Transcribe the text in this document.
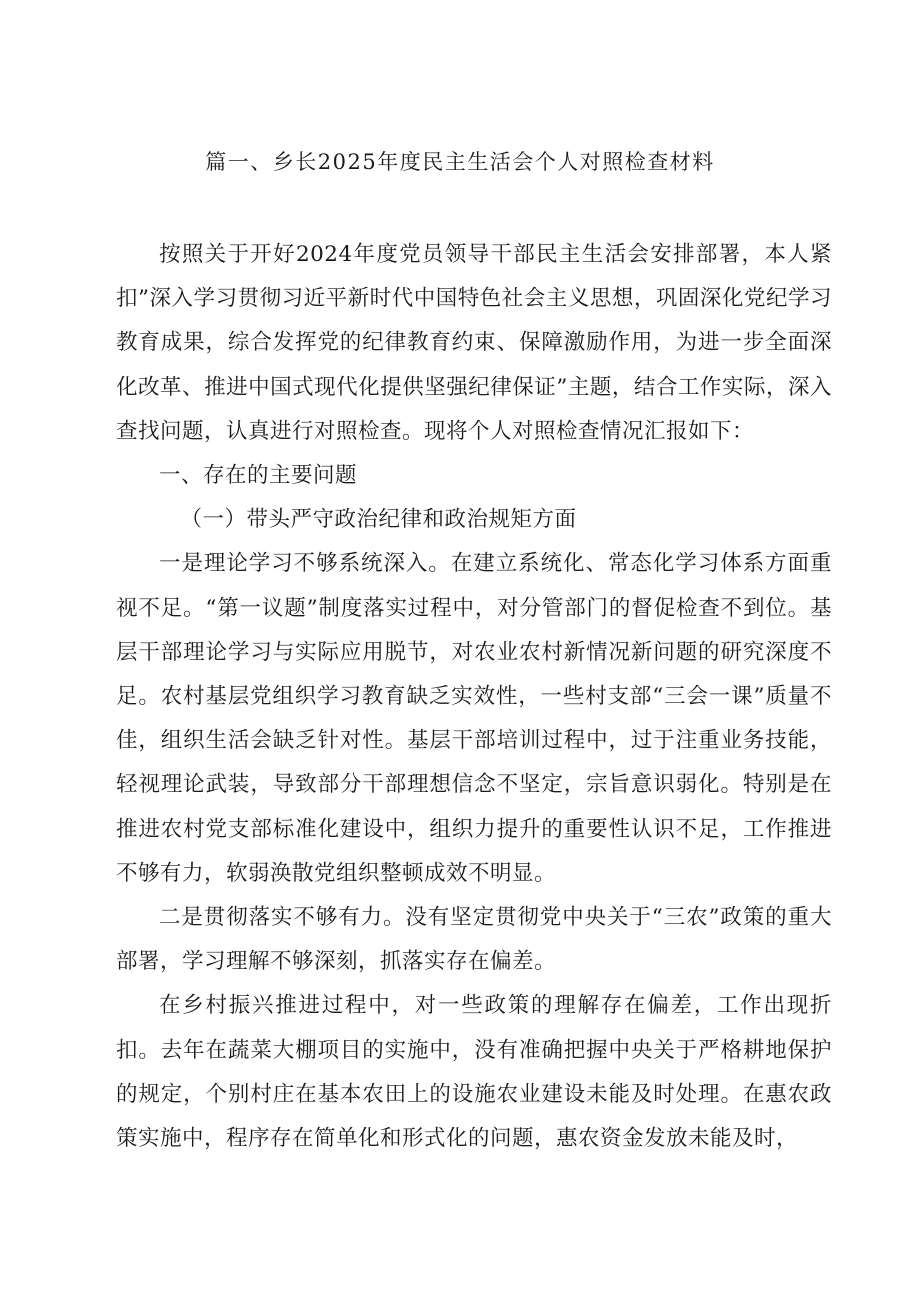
篇一、乡长2025年度民主生活会个人对照检查材料

按照关于开好2024年度党员领导干部民主生活会安排部署，本人紧扣”深入学习贯彻习近平新时代中国特色社会主义思想，巩固深化党纪学习教育成果，综合发挥党的纪律教育约束、保障激励作用，为进一步全面深化改革、推进中国式现代化提供坚强纪律保证”主题，结合工作实际，深入查找问题，认真进行对照检查。现将个人对照检查情况汇报如下：

一、存在的主要问题

（一）带头严守政治纪律和政治规矩方面

一是理论学习不够系统深入。在建立系统化、常态化学习体系方面重视不足。“第一议题”制度落实过程中，对分管部门的督促检查不到位。基层干部理论学习与实际应用脱节，对农业农村新情况新问题的研究深度不足。农村基层党组织学习教育缺乏实效性，一些村支部“三会一课”质量不佳，组织生活会缺乏针对性。基层干部培训过程中，过于注重业务技能，轻视理论武装，导致部分干部理想信念不坚定，宗旨意识弱化。特别是在推进农村党支部标准化建设中，组织力提升的重要性认识不足，工作推进不够有力，软弱涣散党组织整顿成效不明显。

二是贯彻落实不够有力。没有坚定贯彻党中央关于“三农”政策的重大部署，学习理解不够深刻，抓落实存在偏差。

在乡村振兴推进过程中，对一些政策的理解存在偏差，工作出现折扣。去年在蔬菜大棚项目的实施中，没有准确把握中央关于严格耕地保护的规定，个别村庄在基本农田上的设施农业建设未能及时处理。在惠农政策实施中，程序存在简单化和形式化的问题，惠农资金发放未能及时，
